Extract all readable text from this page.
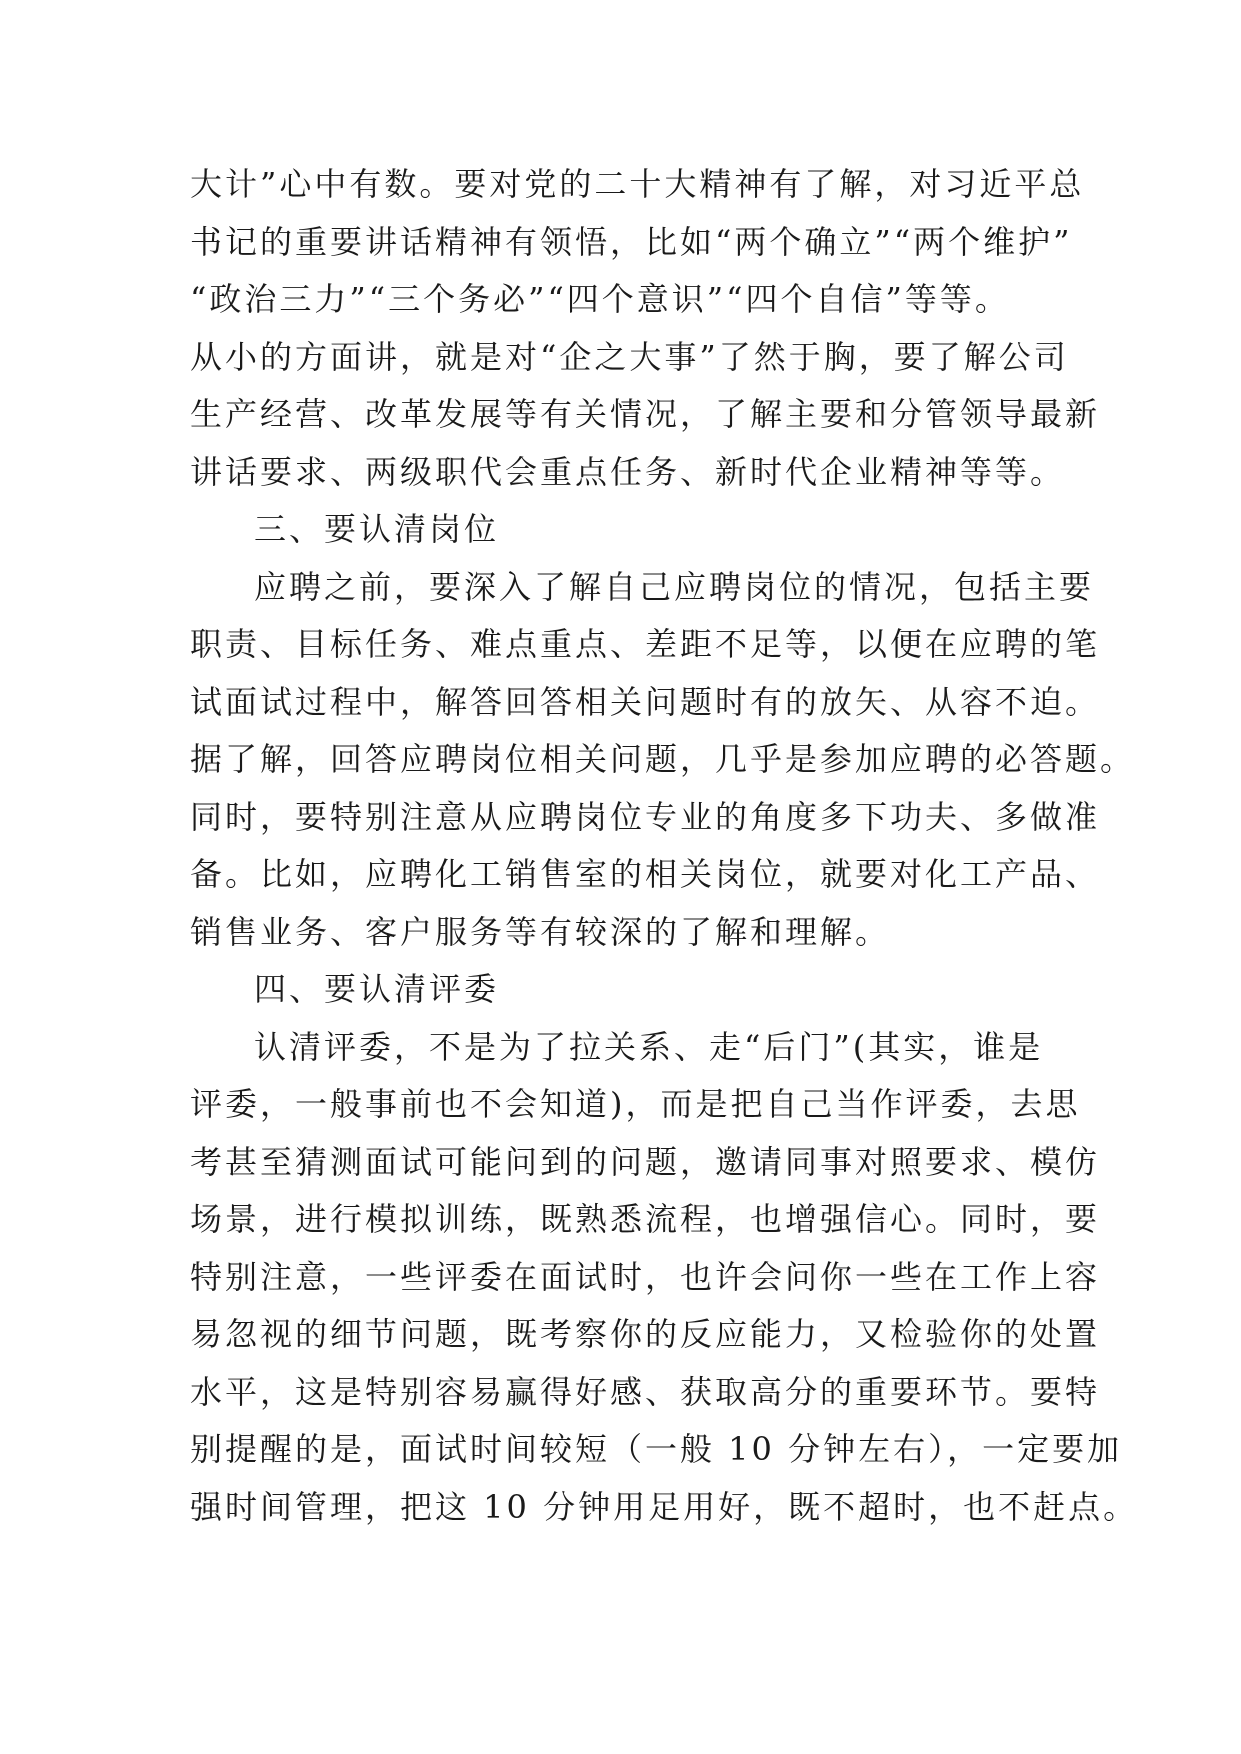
大计”心中有数。要对党的二十大精神有了解，对习近平总
书记的重要讲话精神有领悟，比如“两个确立”“两个维护”
“政治三力”“三个务必”“四个意识”“四个自信”等等。
从小的方面讲，就是对“企之大事”了然于胸，要了解公司
生产经营、改革发展等有关情况，了解主要和分管领导最新
讲话要求、两级职代会重点任务、新时代企业精神等等。
三、要认清岗位
应聘之前，要深入了解自己应聘岗位的情况，包括主要
职责、目标任务、难点重点、差距不足等，以便在应聘的笔
试面试过程中，解答回答相关问题时有的放矢、从容不迫。
据了解，回答应聘岗位相关问题，几乎是参加应聘的必答题。
同时，要特别注意从应聘岗位专业的角度多下功夫、多做准
备。比如，应聘化工销售室的相关岗位，就要对化工产品、
销售业务、客户服务等有较深的了解和理解。
四、要认清评委
认清评委，不是为了拉关系、走“后门”(其实，谁是
评委，一般事前也不会知道)，而是把自己当作评委，去思
考甚至猜测面试可能问到的问题，邀请同事对照要求、模仿
场景，进行模拟训练，既熟悉流程，也增强信心。同时，要
特别注意，一些评委在面试时，也许会问你一些在工作上容
易忽视的细节问题，既考察你的反应能力，又检验你的处置
水平，这是特别容易赢得好感、获取高分的重要环节。要特
别提醒的是，面试时间较短（一般 10 分钟左右），一定要加
强时间管理，把这 10 分钟用足用好，既不超时，也不赶点。
